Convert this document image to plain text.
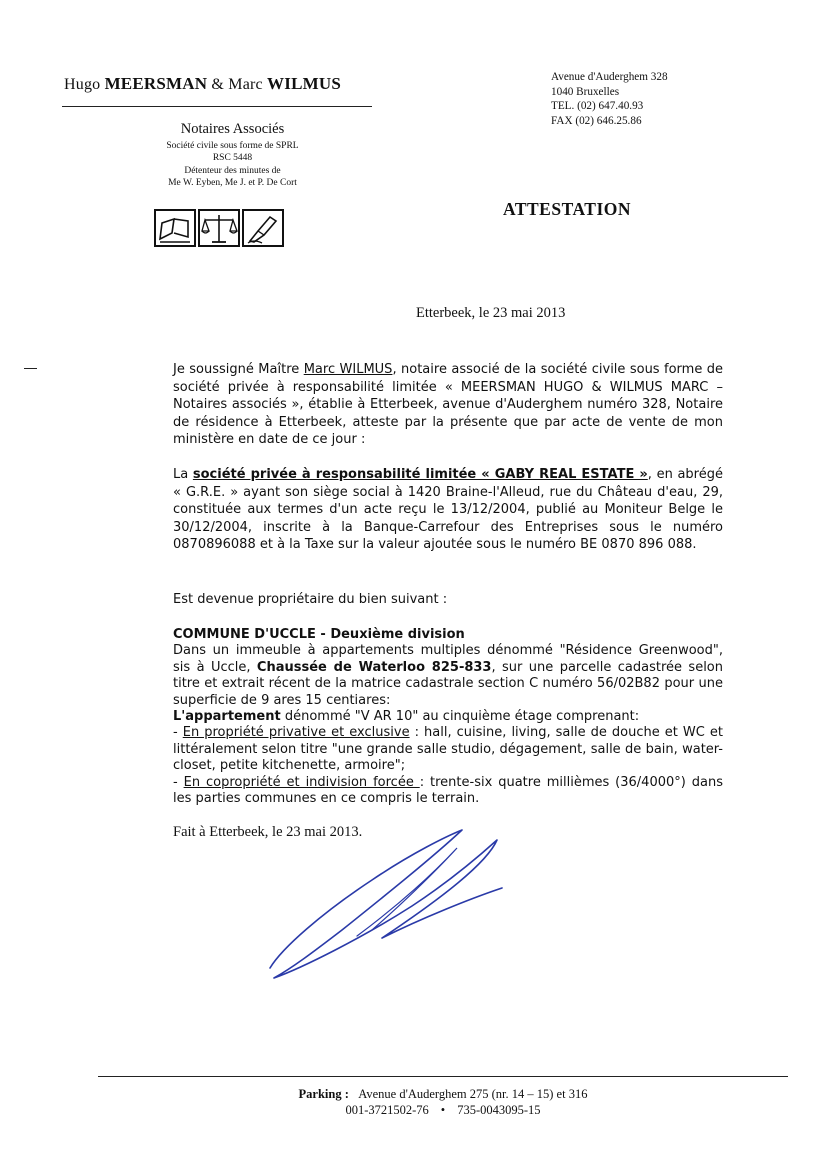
Hugo MEERSMAN & Marc WILMUS
Notaires Associés
Société civile sous forme de SPRL
RSC 5448
Détenteur des minutes de
Me W. Eyben, Me J. et P. De Cort
Avenue d'Auderghem 328
1040 Bruxelles
TEL. (02) 647.40.93
FAX (02) 646.25.86
ATTESTATION
Etterbeek, le 23 mai 2013
Je soussigné Maître Marc WILMUS, notaire associé de la société civile sous forme de société privée à responsabilité limitée « MEERSMAN HUGO & WILMUS MARC – Notaires associés », établie à Etterbeek, avenue d'Auderghem numéro 328, Notaire de résidence à Etterbeek, atteste par la présente que par acte de vente de mon ministère en date de ce jour :
La société privée à responsabilité limitée « GABY REAL ESTATE », en abrégé « G.R.E. » ayant son siège social à 1420 Braine-l'Alleud, rue du Château d'eau, 29, constituée aux termes d'un acte reçu le 13/12/2004, publié au Moniteur Belge le 30/12/2004, inscrite à la Banque-Carrefour des Entreprises sous le numéro 0870896088 et à la Taxe sur la valeur ajoutée sous le numéro BE 0870 896 088.
Est devenue propriétaire du bien suivant :
COMMUNE D'UCCLE - Deuxième division
Dans un immeuble à appartements multiples dénommé "Résidence Greenwood", sis à Uccle, Chaussée de Waterloo 825-833, sur une parcelle cadastrée selon titre et extrait récent de la matrice cadastrale section C numéro 56/02B82 pour une superficie de 9 ares 15 centiares:
L'appartement dénommé "V AR 10" au cinquième étage comprenant:
- En propriété privative et exclusive : hall, cuisine, living, salle de douche et WC et littéralement selon titre "une grande salle studio, dégagement, salle de bain, water-closet, petite kitchenette, armoire";
- En copropriété et indivision forcée : trente-six quatre millièmes (36/4000°) dans les parties communes en ce compris le terrain.
Fait à Etterbeek, le 23 mai 2013.
Parking : Avenue d'Auderghem 275 (nr. 14 – 15) et 316
001-3721502-76 • 735-0043095-15
